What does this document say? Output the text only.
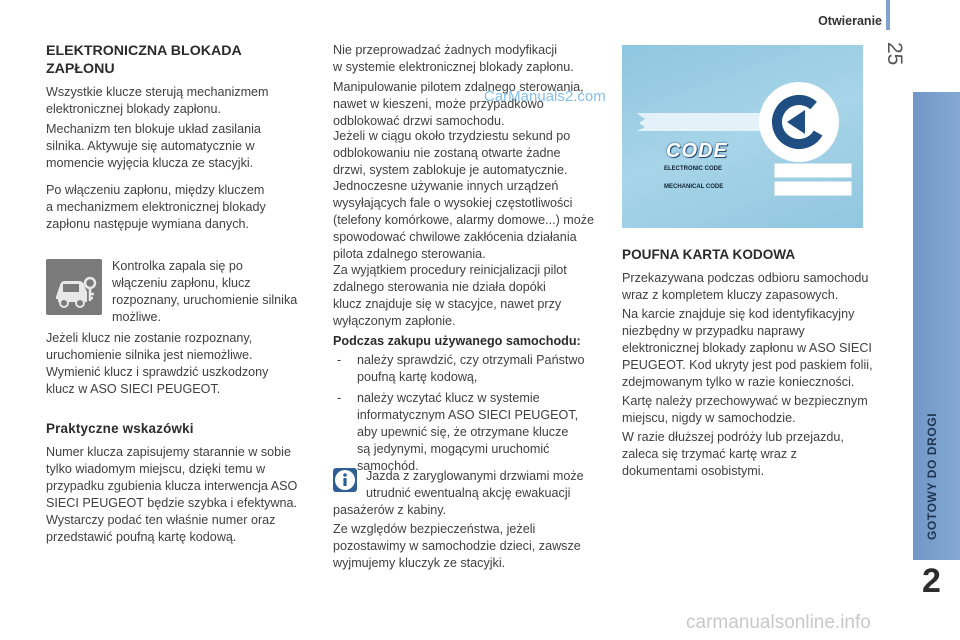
Otwieranie
25
GOTOWY DO DROGI
2
ELEKTRONICZNA BLOKADA
ZAPŁONU
Wszystkie klucze sterują mechanizmem
elektronicznej blokady zapłonu.
Mechanizm ten blokuje układ zasilania
silnika. Aktywuje się automatycznie w
momencie wyjęcia klucza ze stacyjki.
Po włączeniu zapłonu, między kluczem
a mechanizmem elektronicznej blokady
zapłonu następuje wymiana danych.
Kontrolka zapala się po
włączeniu zapłonu, klucz
rozpoznany, uruchomienie silnika
możliwe.
Jeżeli klucz nie zostanie rozpoznany,
uruchomienie silnika jest niemożliwe.
Wymienić klucz i sprawdzić uszkodzony
klucz w ASO SIECI PEUGEOT.
Praktyczne wskazówki
Numer klucza zapisujemy starannie w sobie
tylko wiadomym miejscu, dzięki temu w
przypadku zgubienia klucza interwencja ASO
SIECI PEUGEOT będzie szybka i efektywna.
Wystarczy podać ten właśnie numer oraz
przedstawić poufną kartę kodową.
Nie przeprowadzać żadnych modyfikacji
w systemie elektronicznej blokady zapłonu.
Manipulowanie pilotem zdalnego sterowania,
nawet w kieszeni, może przypadkowo
odblokować drzwi samochodu.
Jeżeli w ciągu około trzydziestu sekund po
odblokowaniu nie zostaną otwarte żadne
drzwi, system zablokuje je automatycznie.
Jednoczesne używanie innych urządzeń
wysyłających fale o wysokiej częstotliwości
(telefony komórkowe, alarmy domowe...) może
spowodować chwilowe zakłócenia działania
pilota zdalnego sterowania.
Za wyjątkiem procedury reinicjalizacji pilot
zdalnego sterowania nie działa dopóki
klucz znajduje się w stacyjce, nawet przy
wyłączonym zapłonie.
Podczas zakupu używanego samochodu:
- należy sprawdzić, czy otrzymali Państwo
poufną kartę kodową,
- należy wczytać klucz w systemie
informatycznym ASO SIECI PEUGEOT,
aby upewnić się, że otrzymane klucze
są jedynymi, mogącymi uruchomić
samochód.
Jazda z zaryglowanymi drzwiami może
utrudnić ewentualną akcję ewakuacji
pasażerów z kabiny.
Ze względów bezpieczeństwa, jeżeli
pozostawimy w samochodzie dzieci, zawsze
wyjmujemy kluczyk ze stacyjki.
CODE
ELECTRONIC CODE
MECHANICAL CODE
POUFNA KARTA KODOWA
Przekazywana podczas odbioru samochodu
wraz z kompletem kluczy zapasowych.
Na karcie znajduje się kod identyfikacyjny
niezbędny w przypadku naprawy
elektronicznej blokady zapłonu w ASO SIECI
PEUGEOT. Kod ukryty jest pod paskiem folii,
zdejmowanym tylko w razie konieczności.
Kartę należy przechowywać w bezpiecznym
miejscu, nigdy w samochodzie.
W razie dłuższej podróży lub przejazdu,
zaleca się trzymać kartę wraz z
dokumentami osobistymi.
CarManuals2.com
carmanualsonline.info
